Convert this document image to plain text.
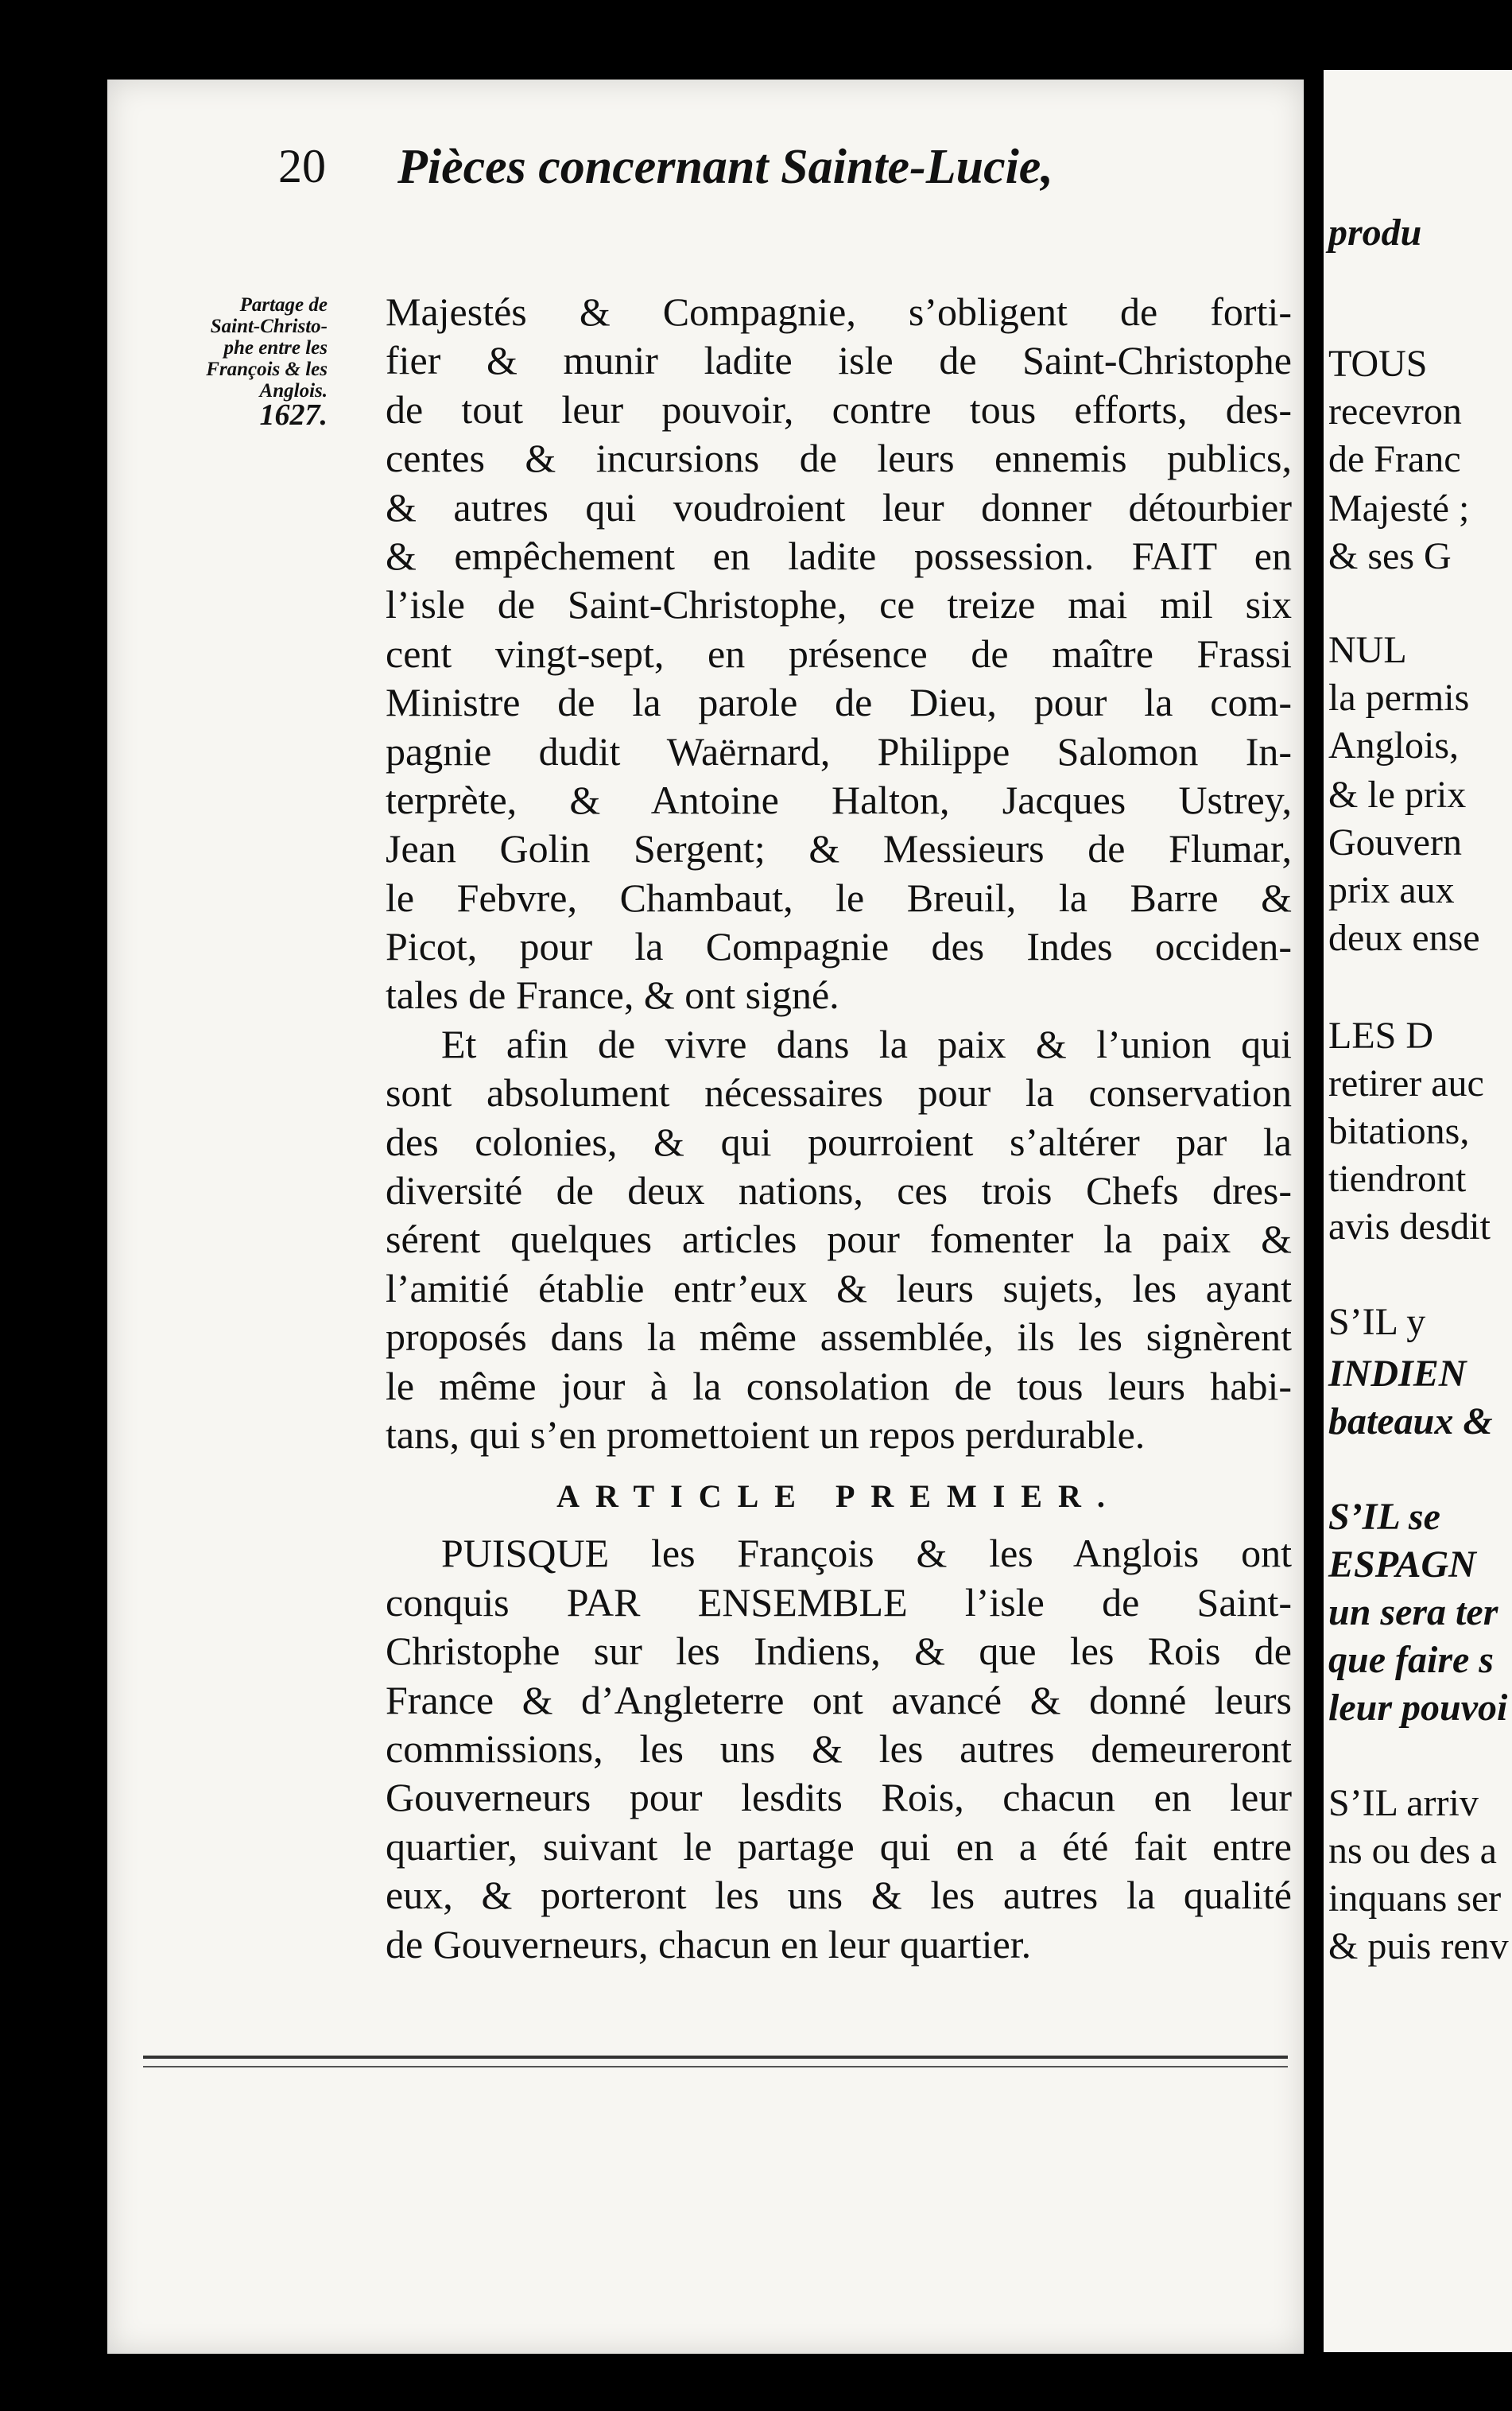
produ
TOUS
recevron
de Franc
Majesté ;
& ses G
NUL
la permis
Anglois,
& le prix
Gouvern
prix aux
deux ense
LES D
retirer auc
bitations,
tiendront
avis desdit
S’IL y
INDIEN
bateaux &
S’IL se
ESPAGN
un sera ter
que faire s
leur pouvoi
S’IL arriv
ns ou des a
inquans ser
& puis renv
20 Pièces concernant Sainte-Lucie,
Partage de
Saint-Christo-
phe entre les
François & les
Anglois.
1627.
Majestés & Compagnie, s’obligent de forti-
fier & munir ladite isle de Saint-Christophe
de tout leur pouvoir, contre tous efforts, des-
centes & incursions de leurs ennemis publics,
& autres qui voudroient leur donner détourbier
& empêchement en ladite possession. FAIT en
l’isle de Saint-Christophe, ce treize mai mil six
cent vingt-sept, en présence de maître Frassi
Ministre de la parole de Dieu, pour la com-
pagnie dudit Waërnard, Philippe Salomon In-
terprète, & Antoine Halton, Jacques Ustrey,
Jean Golin Sergent; & Messieurs de Flumar,
le Febvre, Chambaut, le Breuil, la Barre &
Picot, pour la Compagnie des Indes occiden-
tales de France, & ont signé.
Et afin de vivre dans la paix & l’union qui
sont absolument nécessaires pour la conservation
des colonies, & qui pourroient s’altérer par la
diversité de deux nations, ces trois Chefs dres-
sérent quelques articles pour fomenter la paix &
l’amitié établie entr’eux & leurs sujets, les ayant
proposés dans la même assemblée, ils les signèrent
le même jour à la consolation de tous leurs habi-
tans, qui s’en promettoient un repos perdurable.
ARTICLE PREMIER.
PUISQUE les François & les Anglois ont
conquis PAR ENSEMBLE l’isle de Saint-
Christophe sur les Indiens, & que les Rois de
France & d’Angleterre ont avancé & donné leurs
commissions, les uns & les autres demeureront
Gouverneurs pour lesdits Rois, chacun en leur
quartier, suivant le partage qui en a été fait entre
eux, & porteront les uns & les autres la qualité
de Gouverneurs, chacun en leur quartier.
